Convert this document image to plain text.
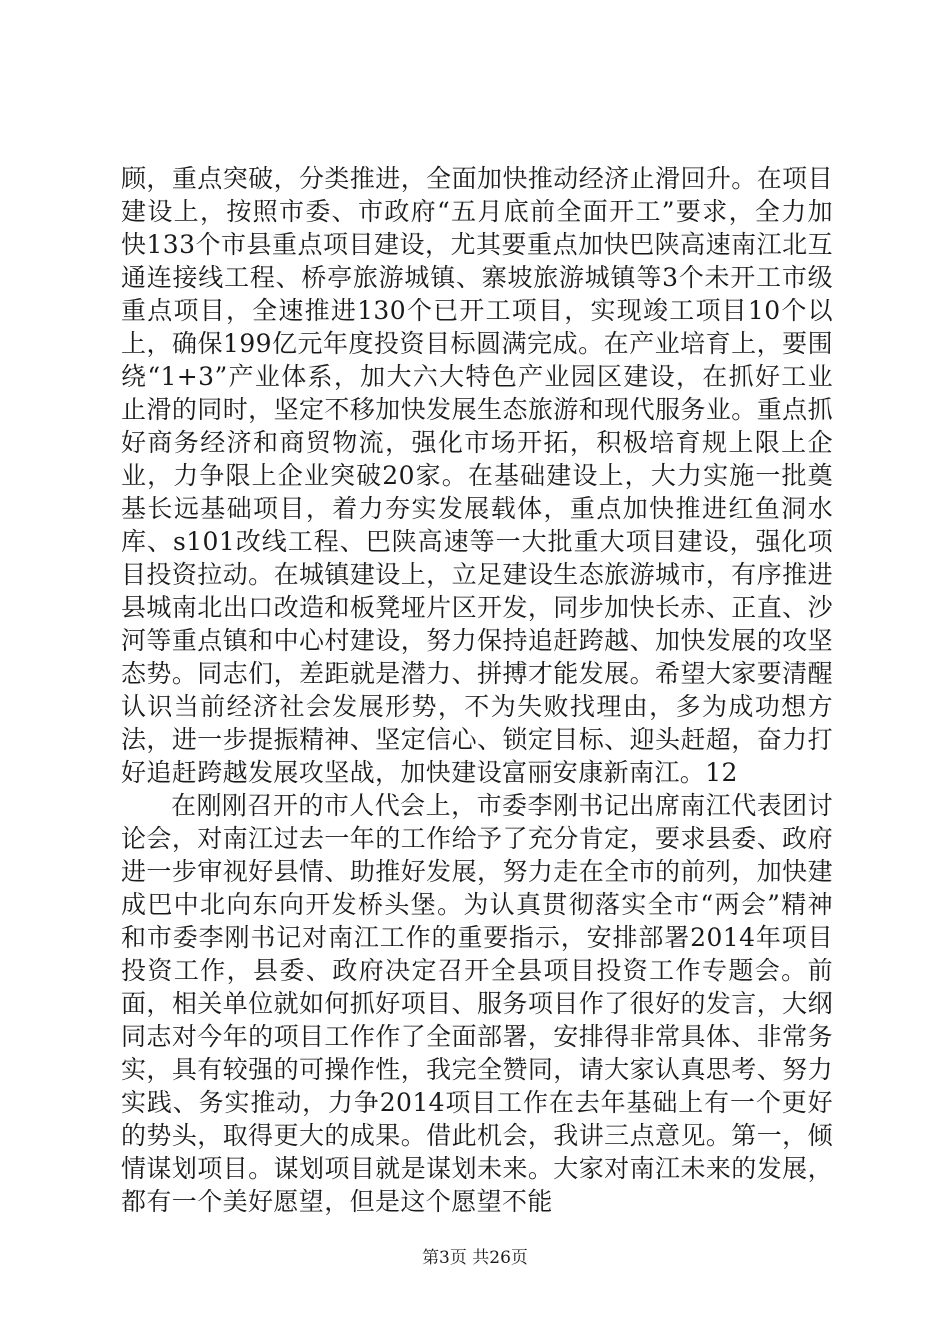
顾，重点突破，分类推进，全面加快推动经济止滑回升。在项目建设上，按照市委、市政府“五月底前全面开工”要求，全力加快133个市县重点项目建设，尤其要重点加快巴陕高速南江北互通连接线工程、桥亭旅游城镇、寨坡旅游城镇等3个未开工市级重点项目，全速推进130个已开工项目，实现竣工项目10个以上，确保199亿元年度投资目标圆满完成。在产业培育上，要围绕“1+3”产业体系，加大六大特色产业园区建设，在抓好工业止滑的同时，坚定不移加快发展生态旅游和现代服务业。重点抓好商务经济和商贸物流，强化市场开拓，积极培育规上限上企业，力争限上企业突破20家。在基础建设上，大力实施一批奠基长远基础项目，着力夯实发展载体，重点加快推进红鱼洞水库、s101改线工程、巴陕高速等一大批重大项目建设，强化项目投资拉动。在城镇建设上，立足建设生态旅游城市，有序推进县城南北出口改造和板凳垭片区开发，同步加快长赤、正直、沙河等重点镇和中心村建设，努力保持追赶跨越、加快发展的攻坚态势。同志们，差距就是潜力、拼搏才能发展。希望大家要清醒认识当前经济社会发展形势，不为失败找理由，多为成功想方法，进一步提振精神、坚定信心、锁定目标、迎头赶超，奋力打好追赶跨越发展攻坚战，加快建设富丽安康新南江。12

在刚刚召开的市人代会上，市委李刚书记出席南江代表团讨论会，对南江过去一年的工作给予了充分肯定，要求县委、政府进一步审视好县情、助推好发展，努力走在全市的前列，加快建成巴中北向东向开发桥头堡。为认真贯彻落实全市“两会”精神和市委李刚书记对南江工作的重要指示，安排部署2014年项目投资工作，县委、政府决定召开全县项目投资工作专题会。前面，相关单位就如何抓好项目、服务项目作了很好的发言，大纲同志对今年的项目工作作了全面部署，安排得非常具体、非常务实，具有较强的可操作性，我完全赞同，请大家认真思考、努力实践、务实推动，力争2014项目工作在去年基础上有一个更好的势头，取得更大的成果。借此机会，我讲三点意见。第一，倾情谋划项目。谋划项目就是谋划未来。大家对南江未来的发展，都有一个美好愿望，但是这个愿望不能

第3页 共26页
